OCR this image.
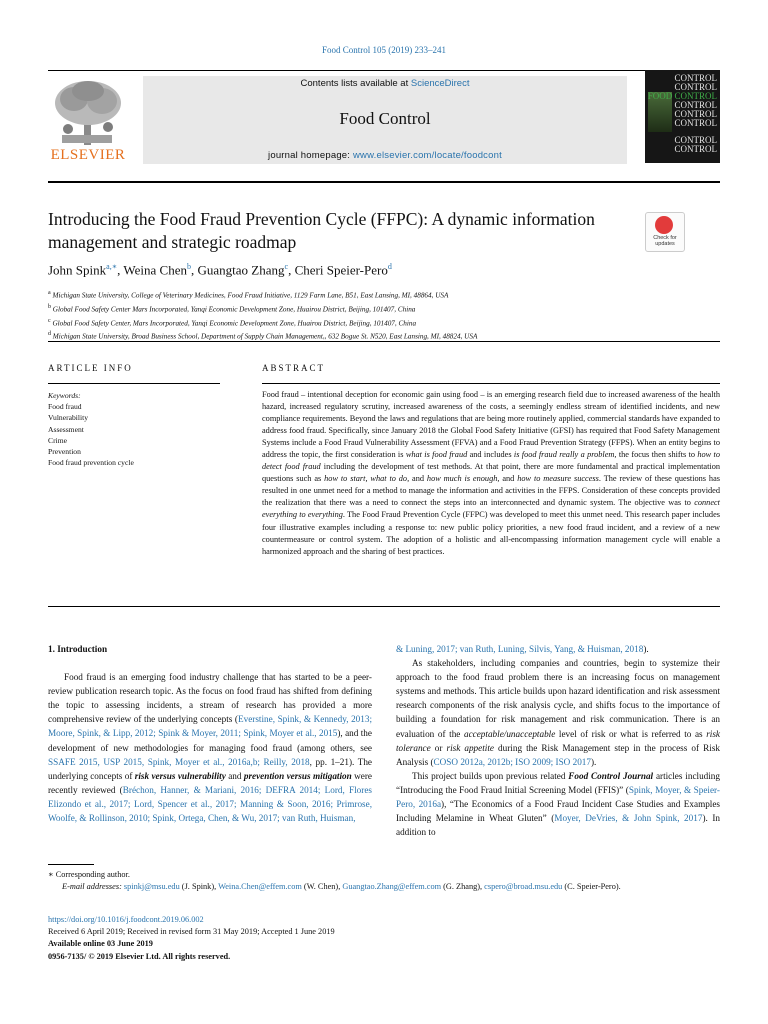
Food Control 105 (2019) 233–241
ELSEVIER
Contents lists available at ScienceDirect
Food Control
journal homepage: www.elsevier.com/locate/foodcont
CONTROL
CONTROL
FOOD CONTROL
CONTROL
CONTROL
CONTROL
CONTROL
CONTROL
Introducing the Food Fraud Prevention Cycle (FFPC): A dynamic information management and strategic roadmap	Check for updates
John Spink$^{a,∗}$, Weina Chen$^b$, Guangtao Zhang$^c$, Cheri Speier-Pero$^d$
$^a$ Michigan State University, College of Veterinary Medicines, Food Fraud Initiative, 1129 Farm Lane, B51, East Lansing, MI, 48864, USA
$^b$ Global Food Safety Center Mars Incorporated, Yanqi Economic Development Zone, Huairou District, Beijing, 101407, China
$^c$ Global Food Safety Center, Mars Incorporated, Yanqi Economic Development Zone, Huairou District, Beijing, 101407, China
$^d$ Michigan State University, Broad Business School, Department of Supply Chain Management,, 632 Bogue St. N520, East Lansing, MI, 48824, USA
ARTICLE INFO
Keywords:
Food fraud
Vulnerability
Assessment
Crime
Prevention
Food fraud prevention cycle
ABSTRACT
Food fraud – intentional deception for economic gain using food – is an emerging research field due to increased awareness of the health hazard, increased regulatory scrutiny, increased awareness of the costs, a seemingly endless stream of identified incidents, and new compliance requirements. Beyond the laws and regulations that are being more routinely applied, commercial standards have expanded to address food fraud. Specifically, since January 2018 the Global Food Safety Initiative (GFSI) has required that Food Safety Management Systems include a Food Fraud Vulnerability Assessment (FFVA) and a Food Fraud Prevention Strategy (FFPS). When an entity begins to address the topic, the first consideration is what is food fraud and includes is food fraud really a problem, the focus then shifts to how to detect food fraud including the development of test methods. At that point, there are more fundamental and practical implementation questions such as how to start, what to do, and how much is enough, and how to measure success. The review of these questions has resulted in one unmet need for a method to manage the information and activities in the FFPS. Consideration of these concepts provided the realization that there was a need to connect the steps into an interconnected and dynamic system. The objective was to connect everything to everything. The Food Fraud Prevention Cycle (FFPC) was developed to meet this unmet need. This research paper includes four illustrative examples including a response to: new public policy priorities, a new food fraud incident, and a review of a new countermeasure or control system. The adoption of a holistic and all-encompassing information management cycle will enable a harmonized approach and the sharing of best practices.

1. Introduction

Food fraud is an emerging food industry challenge that has started to be a peer-review publication research topic. As the focus on food fraud has shifted from defining the topic to assessing incidents, a stream of research has provided a more comprehensive review of the underlying concepts (Everstine, Spink, & Kennedy, 2013; Moore, Spink, & Lipp, 2012; Spink & Moyer, 2011; Spink, Moyer et al., 2015), and the development of new methodologies for managing food fraud (among others, see SSAFE 2015, USP 2015, Spink, Moyer et al., 2016a,b; Reilly, 2018, pp. 1–21). The underlying concepts of risk versus vulnerability and prevention versus mitigation were recently reviewed (Bréchon, Hanner, & Mariani, 2016; DEFRA 2014; Lord, Flores Elizondo et al., 2017; Lord, Spencer et al., 2017; Manning & Soon, 2016; Primrose, Woolfe, & Rollinson, 2010; Spink, Ortega, Chen, & Wu, 2017; van Ruth, Huisman,

& Luning, 2017; van Ruth, Luning, Silvis, Yang, & Huisman, 2018).

As stakeholders, including companies and countries, begin to systemize their approach to the food fraud problem there is an increasing focus on management systems and methods. This article builds upon hazard identification and risk assessment research components of the risk analysis cycle, and shifts focus to the importance of building a foundation for risk management and risk communication. There is an evaluation of the acceptable/unacceptable level of risk or what is referred to as risk tolerance or risk appetite during the Risk Management step in the process of Risk Analysis (COSO 2012a, 2012b; ISO 2009; ISO 2017).

This project builds upon previous related Food Control Journal articles including “Introducing the Food Fraud Initial Screening Model (FFIS)” (Spink, Moyer, & Speier-Pero, 2016a), “The Economics of a Food Fraud Incident Case Studies and Examples Including Melamine in Wheat Gluten” (Moyer, DeVries, & John Spink, 2017). In addition to

∗ Corresponding author.
E-mail addresses: spinkj@msu.edu (J. Spink), Weina.Chen@effem.com (W. Chen), Guangtao.Zhang@effem.com (G. Zhang), cspero@broad.msu.edu (C. Speier-Pero).
https://doi.org/10.1016/j.foodcont.2019.06.002
Received 6 April 2019; Received in revised form 31 May 2019; Accepted 1 June 2019
Available online 03 June 2019
0956-7135/ © 2019 Elsevier Ltd. All rights reserved.
